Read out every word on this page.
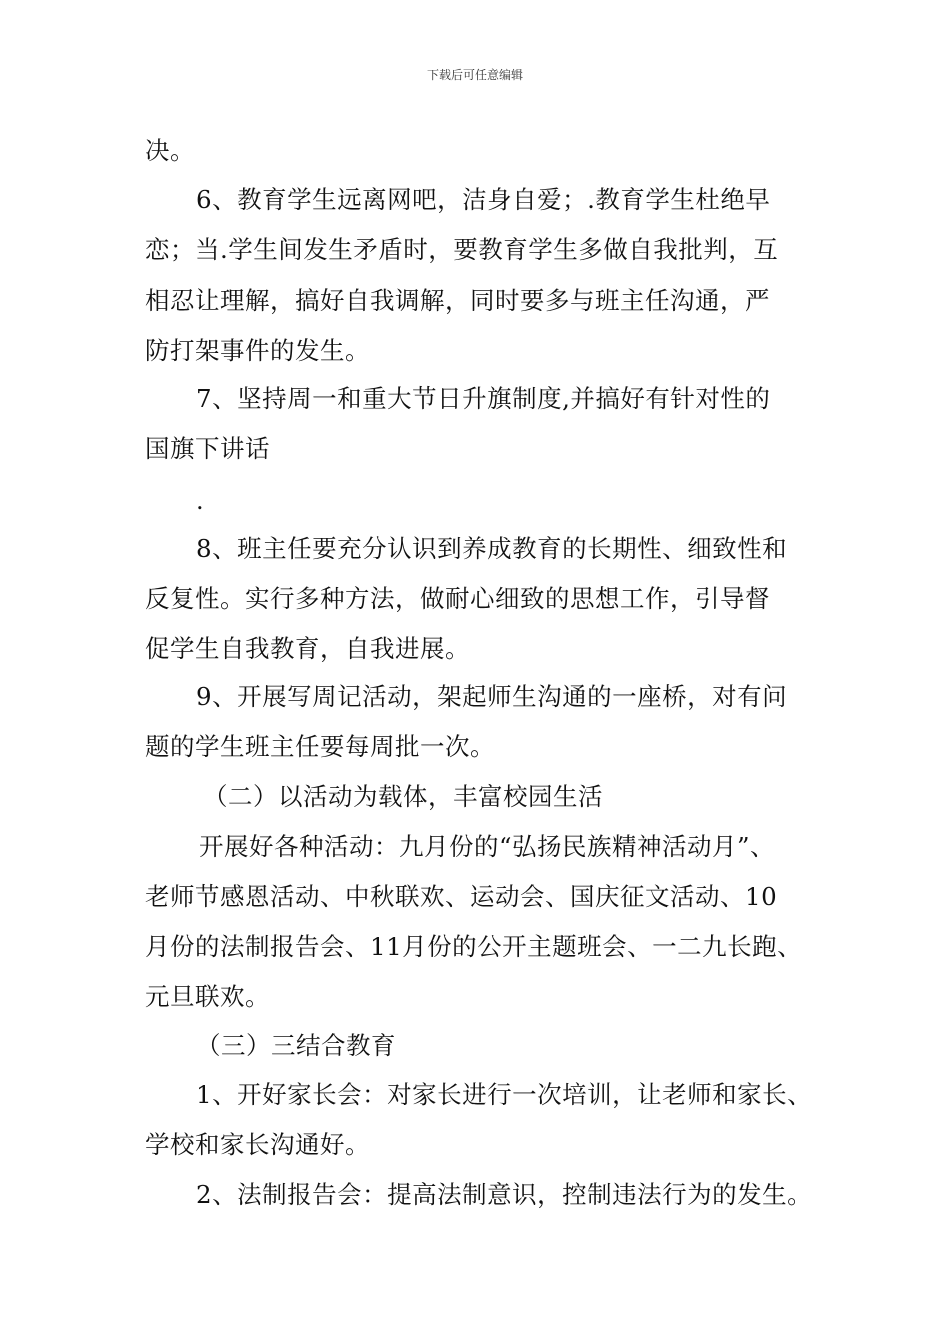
下载后可任意编辑
决。
6、教育学生远离网吧，洁身自爱；.教育学生杜绝早
恋；当.学生间发生矛盾时，要教育学生多做自我批判，互
相忍让理解，搞好自我调解，同时要多与班主任沟通，严
防打架事件的发生。
7、坚持周一和重大节日升旗制度,并搞好有针对性的
国旗下讲话
.
8、班主任要充分认识到养成教育的长期性、细致性和
反复性。实行多种方法，做耐心细致的思想工作，引导督
促学生自我教育，自我进展。
9、开展写周记活动，架起师生沟通的一座桥，对有问
题的学生班主任要每周批一次。
（二）以活动为载体，丰富校园生活
开展好各种活动：九月份的“弘扬民族精神活动月”、
老师节感恩活动、中秋联欢、运动会、国庆征文活动、10
月份的法制报告会、11月份的公开主题班会、一二九长跑、
元旦联欢。
（三）三结合教育
1、开好家长会：对家长进行一次培训，让老师和家长、
学校和家长沟通好。
2、法制报告会：提高法制意识，控制违法行为的发生。
